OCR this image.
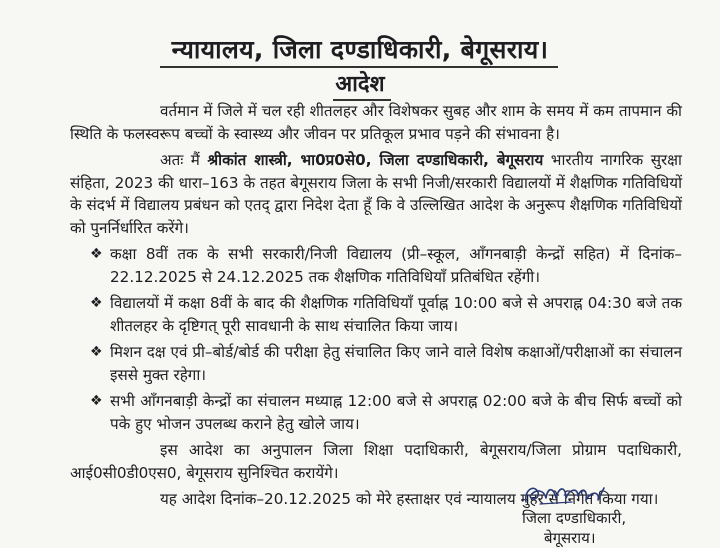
न्यायालय, जिला दण्डाधिकारी, बेगूसराय।
आदेश

वर्तमान में जिले में चल रही शीतलहर और विशेषकर सुबह और शाम के समय में कम तापमान की स्थिति के फलस्वरूप बच्चों के स्वास्थ्य और जीवन पर प्रतिकूल प्रभाव पड़ने की संभावना है।

अतः मैं श्रीकांत शास्त्री, भा0प्र0से0, जिला दण्डाधिकारी, बेगूसराय भारतीय नागरिक सुरक्षा संहिता, 2023 की धारा–163 के तहत बेगूसराय जिला के सभी निजी/सरकारी विद्यालयों में शैक्षणिक गतिविधियों के संदर्भ में विद्यालय प्रबंधन को एतद् द्वारा निदेश देता हूँ कि वे उल्लिखित आदेश के अनुरूप शैक्षणिक गतिविधियों को पुनर्निर्धारित करेंगे।

❖ कक्षा 8वीं तक के सभी सरकारी/निजी विद्यालय (प्री–स्कूल, आँगनबाड़ी केन्द्रों सहित) में दिनांक–22.12.2025 से 24.12.2025 तक शैक्षणिक गतिविधियाँ प्रतिबंधित रहेंगी।
❖ विद्यालयों में कक्षा 8वीं के बाद की शैक्षणिक गतिविधियाँ पूर्वाह्न 10:00 बजे से अपराह्न 04:30 बजे तक शीतलहर के दृष्टिगत् पूरी सावधानी के साथ संचालित किया जाय।
❖ मिशन दक्ष एवं प्री–बोर्ड/बोर्ड की परीक्षा हेतु संचालित किए जाने वाले विशेष कक्षाओं/परीक्षाओं का संचालन इससे मुक्त रहेगा।
❖ सभी आँगनबाड़ी केन्द्रों का संचालन मध्याह्न 12:00 बजे से अपराह्न 02:00 बजे के बीच सिर्फ बच्चों को पके हुए भोजन उपलब्ध कराने हेतु खोले जाय।

इस आदेश का अनुपालन जिला शिक्षा पदाधिकारी, बेगूसराय/जिला प्रोग्राम पदाधिकारी, आई0सी0डी0एस0, बेगूसराय सुनिश्चित करायेंगे।

यह आदेश दिनांक–20.12.2025 को मेरे हस्ताक्षर एवं न्यायालय मुहर से निर्गत किया गया।

जिला दण्डाधिकारी,
बेगूसराय।
